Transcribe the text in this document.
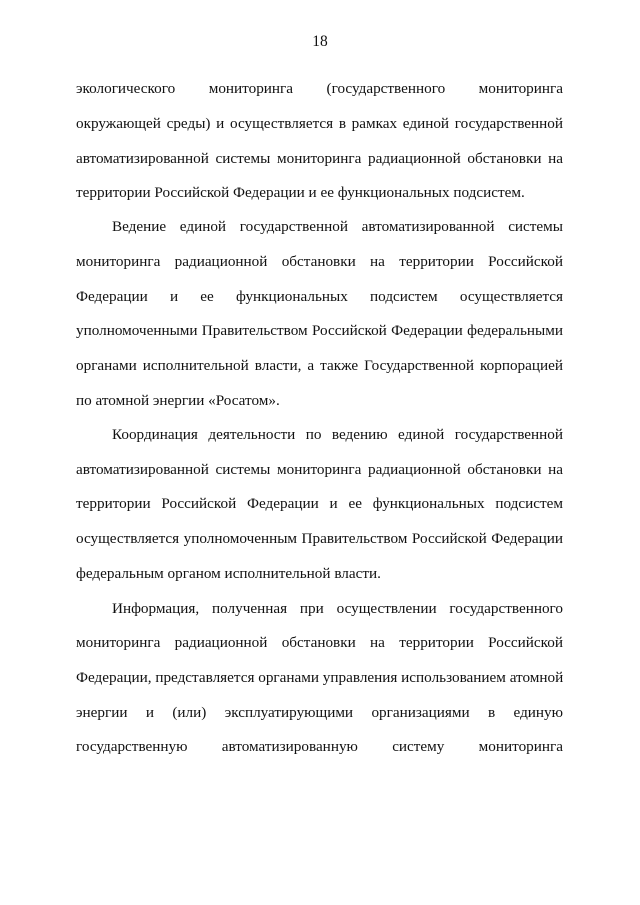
18
экологического мониторинга (государственного мониторинга
окружающей среды) и осуществляется в рамках единой государственной
автоматизированной системы мониторинга радиационной обстановки на
территории Российской Федерации и ее функциональных подсистем.
Ведение единой государственной автоматизированной системы
мониторинга радиационной обстановки на территории Российской
Федерации и ее функциональных подсистем осуществляется
уполномоченными Правительством Российской Федерации федеральными
органами исполнительной власти, а также Государственной корпорацией
по атомной энергии «Росатом».
Координация деятельности по ведению единой государственной
автоматизированной системы мониторинга радиационной обстановки на
территории Российской Федерации и ее функциональных подсистем
осуществляется уполномоченным Правительством Российской Федерации
федеральным органом исполнительной власти.
Информация, полученная при осуществлении государственного
мониторинга радиационной обстановки на территории Российской
Федерации, представляется органами управления использованием атомной
энергии и (или) эксплуатирующими организациями в единую
государственную автоматизированную систему мониторинга
